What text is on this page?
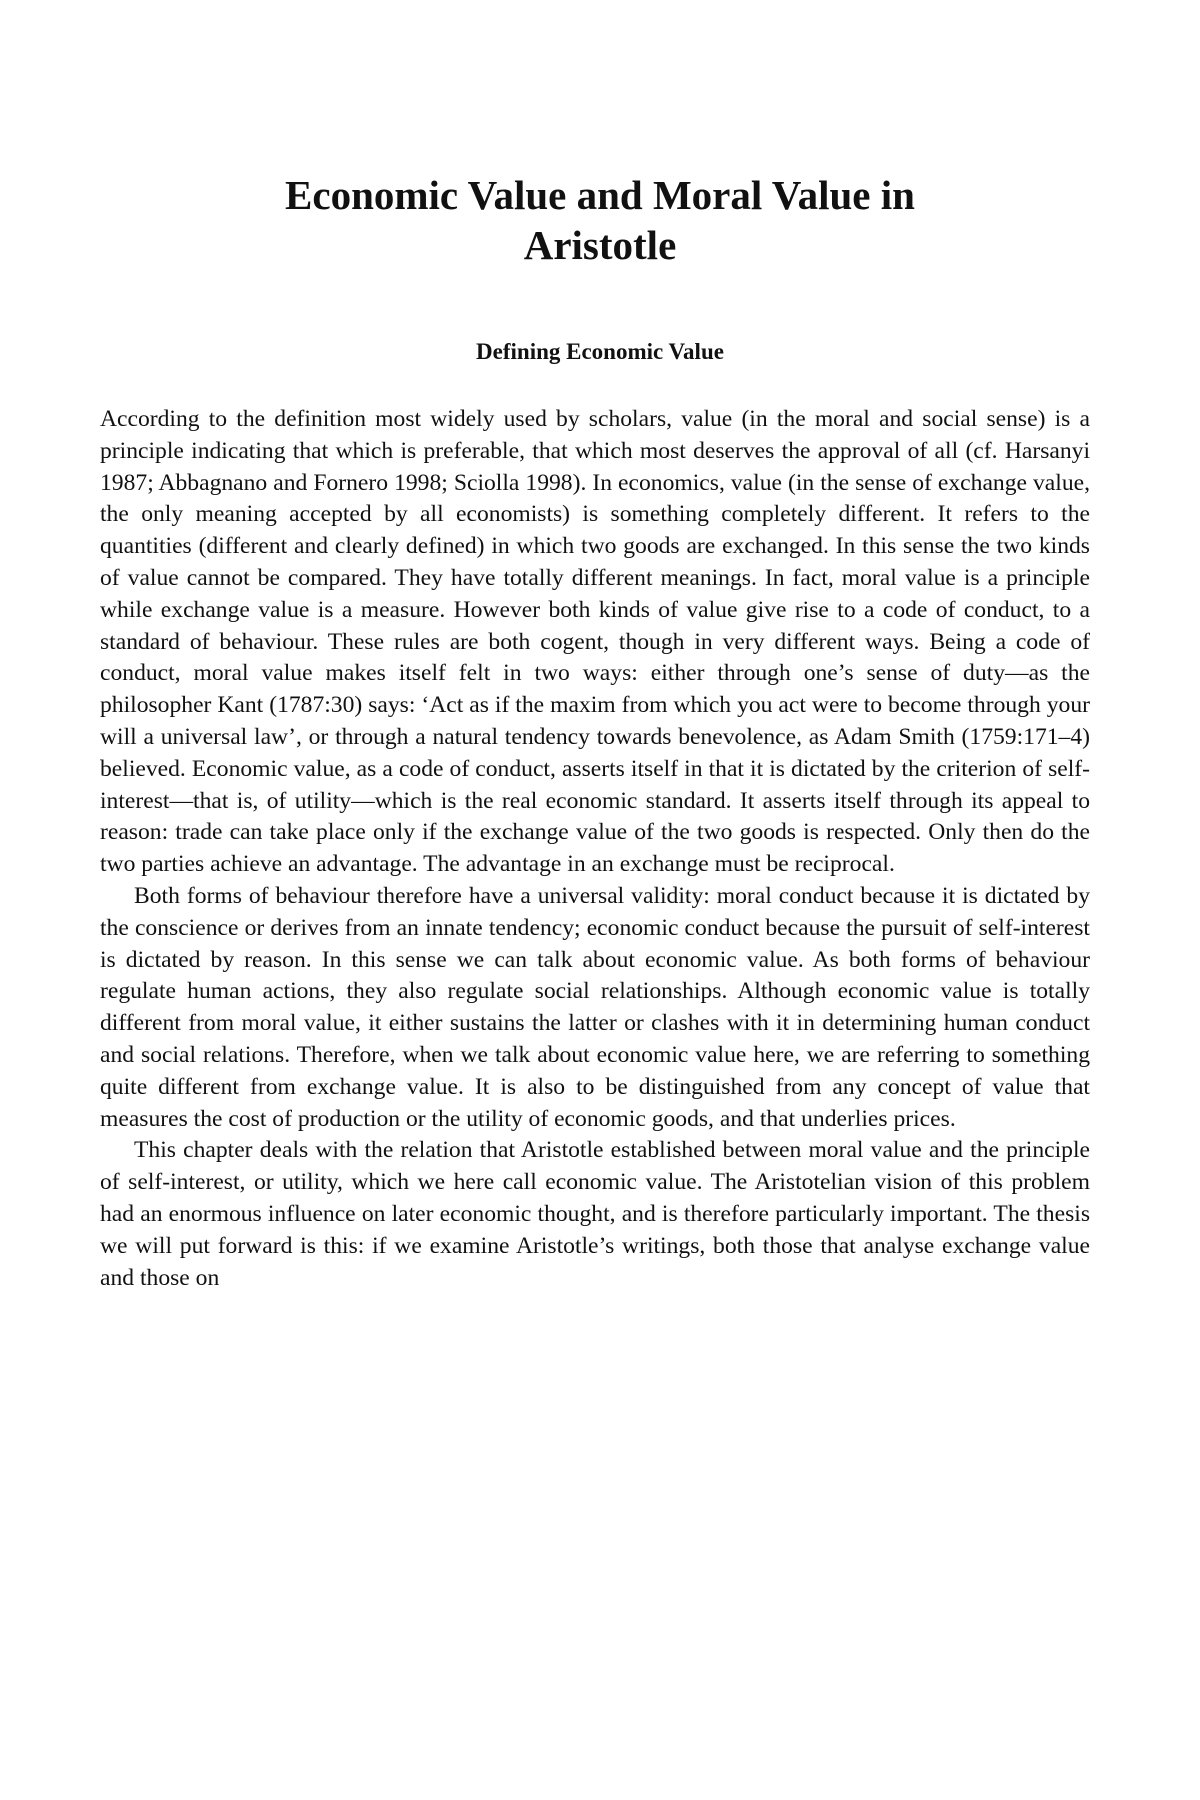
Economic Value and Moral Value in
Aristotle
Defining Economic Value

According to the definition most widely used by scholars, value (in the moral and social sense) is a principle indicating that which is preferable, that which most deserves the approval of all (cf. Harsanyi 1987; Abbagnano and Fornero 1998; Sciolla 1998). In economics, value (in the sense of exchange value, the only meaning accepted by all economists) is something completely different. It refers to the quantities (different and clearly defined) in which two goods are exchanged. In this sense the two kinds of value cannot be compared. They have totally different meanings. In fact, moral value is a principle while exchange value is a measure. However both kinds of value give rise to a code of conduct, to a standard of behaviour. These rules are both cogent, though in very different ways. Being a code of conduct, moral value makes itself felt in two ways: either through one’s sense of duty—as the philosopher Kant (1787:30) says: ‘Act as if the maxim from which you act were to become through your will a universal law’, or through a natural tendency towards benevolence, as Adam Smith (1759:171–4) believed. Economic value, as a code of conduct, asserts itself in that it is dictated by the criterion of self-interest—that is, of utility—which is the real economic standard. It asserts itself through its appeal to reason: trade can take place only if the exchange value of the two goods is respected. Only then do the two parties achieve an advantage. The advantage in an exchange must be reciprocal.

Both forms of behaviour therefore have a universal validity: moral conduct because it is dictated by the conscience or derives from an innate tendency; economic conduct because the pursuit of self-interest is dictated by reason. In this sense we can talk about economic value. As both forms of behaviour regulate human actions, they also regulate social relationships. Although economic value is totally different from moral value, it either sustains the latter or clashes with it in determining human conduct and social relations. Therefore, when we talk about economic value here, we are referring to something quite different from exchange value. It is also to be distinguished from any concept of value that measures the cost of production or the utility of economic goods, and that underlies prices.

This chapter deals with the relation that Aristotle established between moral value and the principle of self-interest, or utility, which we here call economic value. The Aristotelian vision of this problem had an enormous influence on later economic thought, and is therefore particularly important. The thesis we will put forward is this: if we examine Aristotle’s writings, both those that analyse exchange value and those on
